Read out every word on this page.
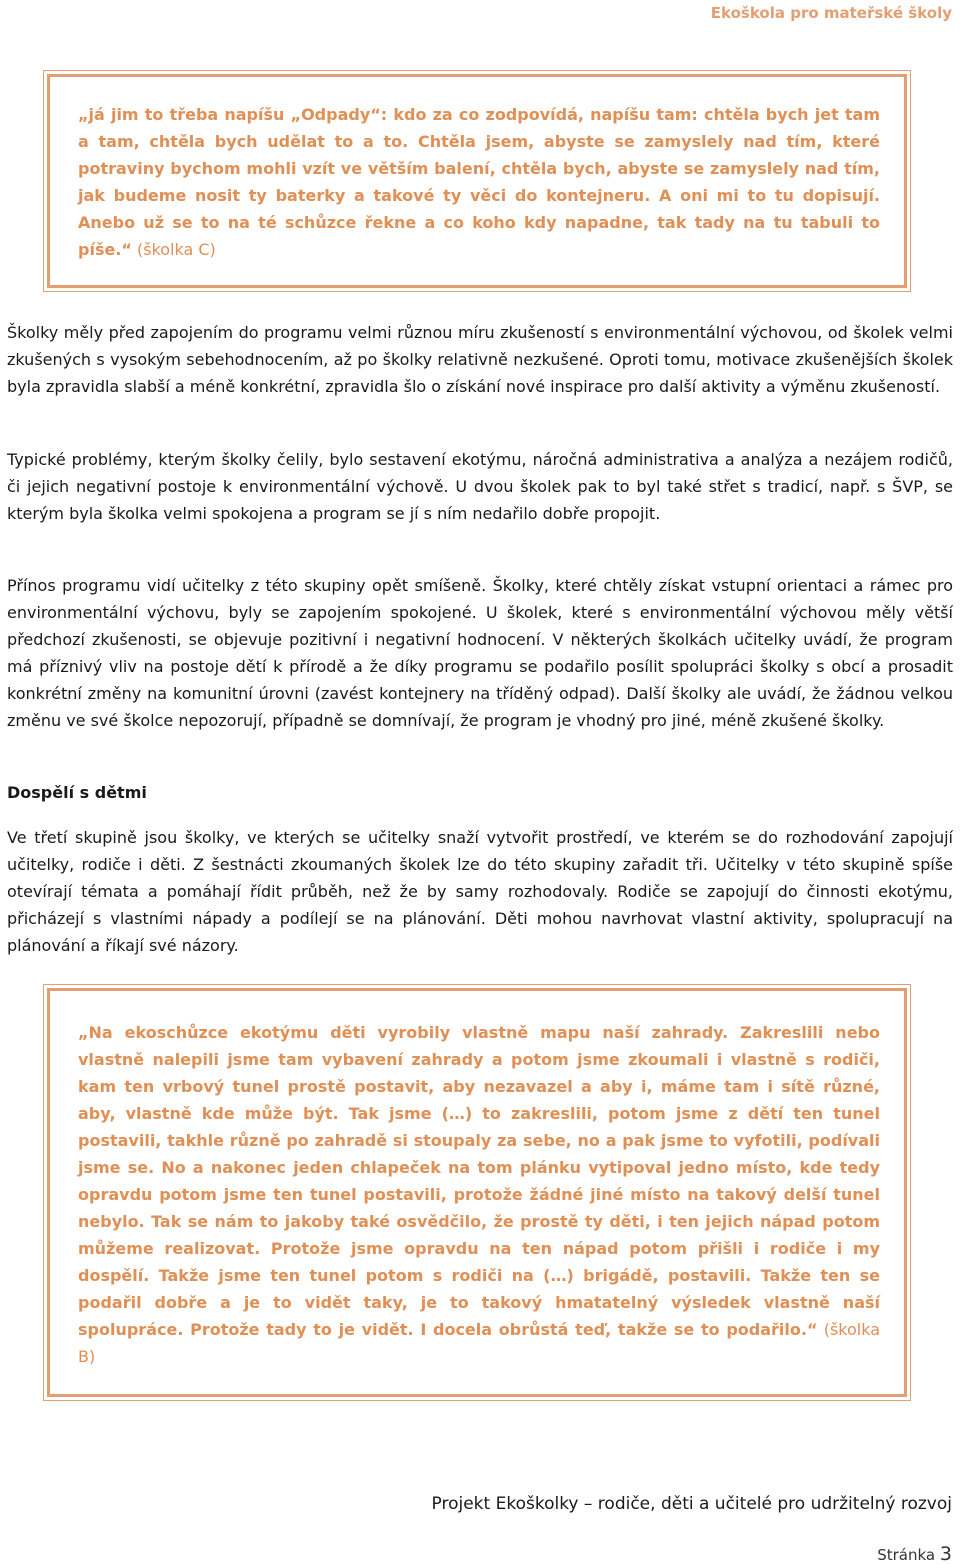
Ekoškola pro mateřské školy
„já jim to třeba napíšu „Odpady“: kdo za co zodpovídá, napíšu tam: chtěla bych jet tam a tam, chtěla bych udělat to a to. Chtěla jsem, abyste se zamyslely nad tím, které potraviny bychom mohli vzít ve větším balení, chtěla bych, abyste se zamyslely nad tím, jak budeme nosit ty baterky a takové ty věci do kontejneru. A oni mi to tu dopisují. Anebo už se to na té schůzce řekne a co koho kdy napadne, tak tady na tu tabuli to píše.“ (školka C)

Školky měly před zapojením do programu velmi různou míru zkušeností s environmentální výchovou, od školek velmi zkušených s vysokým sebehodnocením, až po školky relativně nezkušené. Oproti tomu, motivace zkušenějších školek byla zpravidla slabší a méně konkrétní, zpravidla šlo o získání nové inspirace pro další aktivity a výměnu zkušeností.

Typické problémy, kterým školky čelily, bylo sestavení ekotýmu, náročná administrativa a analýza a nezájem rodičů, či jejich negativní postoje k environmentální výchově. U dvou školek pak to byl také střet s tradicí, např. s ŠVP, se kterým byla školka velmi spokojena a program se jí s ním nedařilo dobře propojit.

Přínos programu vidí učitelky z této skupiny opět smíšeně. Školky, které chtěly získat vstupní orientaci a rámec pro environmentální výchovu, byly se zapojením spokojené. U školek, které s environmentální výchovou měly větší předchozí zkušenosti, se objevuje pozitivní i negativní hodnocení. V některých školkách učitelky uvádí, že program má příznivý vliv na postoje dětí k přírodě a že díky programu se podařilo posílit spolupráci školky s obcí a prosadit konkrétní změny na komunitní úrovni (zavést kontejnery na tříděný odpad). Další školky ale uvádí, že žádnou velkou změnu ve své školce nepozorují, případně se domnívají, že program je vhodný pro jiné, méně zkušené školky.

Dospělí s dětmi

Ve třetí skupině jsou školky, ve kterých se učitelky snaží vytvořit prostředí, ve kterém se do rozhodování zapojují učitelky, rodiče i děti. Z šestnácti zkoumaných školek lze do této skupiny zařadit tři. Učitelky v této skupině spíše otevírají témata a pomáhají řídit průběh, než že by samy rozhodovaly. Rodiče se zapojují do činnosti ekotýmu, přicházejí s vlastními nápady a podílejí se na plánování. Děti mohou navrhovat vlastní aktivity, spolupracují na plánování a říkají své názory.

„Na ekoschůzce ekotýmu děti vyrobily vlastně mapu naší zahrady. Zakreslili nebo vlastně nalepili jsme tam vybavení zahrady a potom jsme zkoumali i vlastně s rodiči, kam ten vrbový tunel prostě postavit, aby nezavazel a aby i, máme tam i sítě různé, aby, vlastně kde může být. Tak jsme (…) to zakreslili, potom jsme z dětí ten tunel postavili, takhle různě po zahradě si stoupaly za sebe, no a pak jsme to vyfotili, podívali jsme se. No a nakonec jeden chlapeček na tom plánku vytipoval jedno místo, kde tedy opravdu potom jsme ten tunel postavili, protože žádné jiné místo na takový delší tunel nebylo. Tak se nám to jakoby také osvědčilo, že prostě ty děti, i ten jejich nápad potom můžeme realizovat. Protože jsme opravdu na ten nápad potom přišli i rodiče i my dospělí. Takže jsme ten tunel potom s rodiči na (…) brigádě, postavili. Takže ten se podařil dobře a je to vidět taky, je to takový hmatatelný výsledek vlastně naší spolupráce. Protože tady to je vidět. I docela obrůstá teď, takže se to podařilo.“ (školka B)
Projekt Ekoškolky – rodiče, děti a učitelé pro udržitelný rozvoj
Stránka 3
